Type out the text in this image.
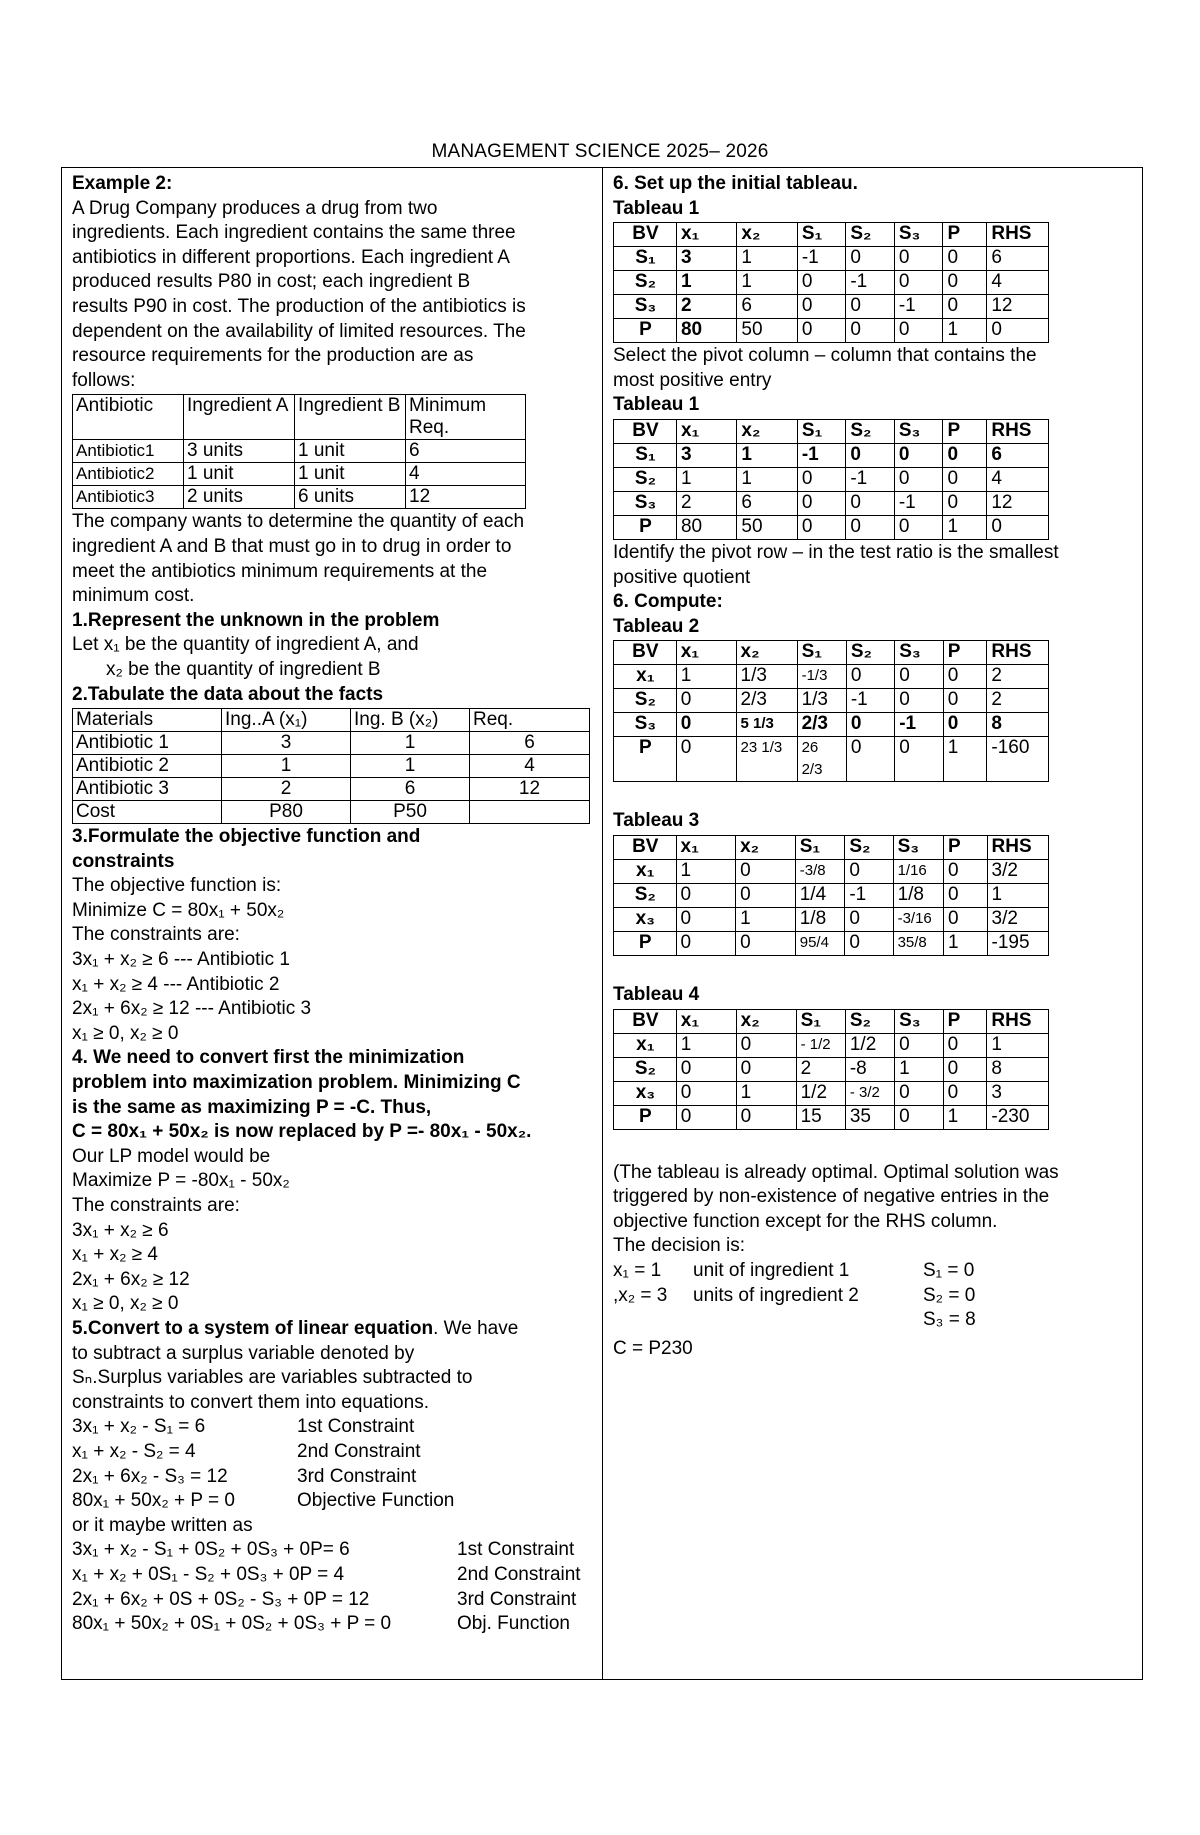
MANAGEMENT SCIENCE 2025– 2026
Example 2:
A Drug Company produces a drug from two
ingredients. Each ingredient contains the same three
antibiotics in different proportions. Each ingredient A
produced results P80 in cost; each ingredient B
results P90 in cost. The production of the antibiotics is
dependent on the availability of limited resources. The
resource requirements for the production are as
follows:
Antibiotic	Ingredient A	Ingredient B	Minimum Req.
Antibiotic1	3 units	1 unit	6
Antibiotic2	1 unit	1 unit	4
Antibiotic3	2 units	6 units	12
The company wants to determine the quantity of each
ingredient A and B that must go in to drug in order to
meet the antibiotics minimum requirements at the
minimum cost.
1.Represent the unknown in the problem
Let x₁ be the quantity of ingredient A, and
x₂ be the quantity of ingredient B
2.Tabulate the data about the facts
Materials	Ing..A (x₁)	Ing. B (x₂)	Req.
Antibiotic 1	3	1	6
Antibiotic 2	1	1	4
Antibiotic 3	2	6	12
Cost	P80	P50	
3.Formulate the objective function and
constraints
The objective function is:
Minimize C = 80x₁ + 50x₂
The constraints are:
3x₁ + x₂ ≥ 6 --- Antibiotic 1
x₁ + x₂ ≥ 4 --- Antibiotic 2
2x₁ + 6x₂ ≥ 12 --- Antibiotic 3
x₁ ≥ 0, x₂ ≥ 0
4. We need to convert first the minimization
problem into maximization problem. Minimizing C
is the same as maximizing P = -C. Thus,
C = 80x₁ + 50x₂ is now replaced by P =- 80x₁ - 50x₂.
Our LP model would be
Maximize P = -80x₁ - 50x₂
The constraints are:
3x₁ + x₂ ≥ 6
x₁ + x₂ ≥ 4
2x₁ + 6x₂ ≥ 12
x₁ ≥ 0, x₂ ≥ 0
5.Convert to a system of linear equation. We have
to subtract a surplus variable denoted by
Sₙ.Surplus variables are variables subtracted to
constraints to convert them into equations.
3x₁ + x₂ - S₁ = 6	1st Constraint
x₁ + x₂ - S₂ = 4	2nd Constraint
2x₁ + 6x₂ - S₃ = 12	3rd Constraint
80x₁ + 50x₂ + P = 0	Objective Function
or it maybe written as
3x₁ + x₂ - S₁ + 0S₂ + 0S₃ + 0P= 6	1st Constraint
x₁ + x₂ + 0S₁ - S₂ + 0S₃ + 0P = 4	2nd Constraint
2x₁ + 6x₂ + 0S + 0S₂ - S₃ + 0P = 12	3rd Constraint
80x₁ + 50x₂ + 0S₁ + 0S₂ + 0S₃ + P = 0	Obj. Function
6. Set up the initial tableau.
Tableau 1
BV	x₁	x₂	S₁	S₂	S₃	P	RHS
S₁	3	1	-1	0	0	0	6
S₂	1	1	0	-1	0	0	4
S₃	2	6	0	0	-1	0	12
P	80	50	0	0	0	1	0
Select the pivot column – column that contains the
most positive entry
Tableau 1
BV	x₁	x₂	S₁	S₂	S₃	P	RHS
S₁	3	1	-1	0	0	0	6
S₂	1	1	0	-1	0	0	4
S₃	2	6	0	0	-1	0	12
P	80	50	0	0	0	1	0
Identify the pivot row – in the test ratio is the smallest
positive quotient
6. Compute:
Tableau 2
BV	x₁	x₂	S₁	S₂	S₃	P	RHS
x₁	1	1/3	-1/3	0	0	0	2
S₂	0	2/3	1/3	-1	0	0	2
S₃	0	5 1/3	2/3	0	-1	0	8
P	0	23 1/3	26 2/3	0	0	1	-160
Tableau 3
BV	x₁	x₂	S₁	S₂	S₃	P	RHS
x₁	1	0	-3/8	0	1/16	0	3/2
S₂	0	0	1/4	-1	1/8	0	1
x₃	0	1	1/8	0	-3/16	0	3/2
P	0	0	95/4	0	35/8	1	-195
Tableau 4
BV	x₁	x₂	S₁	S₂	S₃	P	RHS
x₁	1	0	- 1/2	1/2	0	0	1
S₂	0	0	2	-8	1	0	8
x₃	0	1	1/2	- 3/2	0	0	3
P	0	0	15	35	0	1	-230
(The tableau is already optimal. Optimal solution was
triggered by non-existence of negative entries in the
objective function except for the RHS column.
The decision is:
x₁ = 1	unit of ingredient 1	S₁ = 0
,x₂ = 3	units of ingredient 2	S₂ = 0
S₃ = 8
C = P230
